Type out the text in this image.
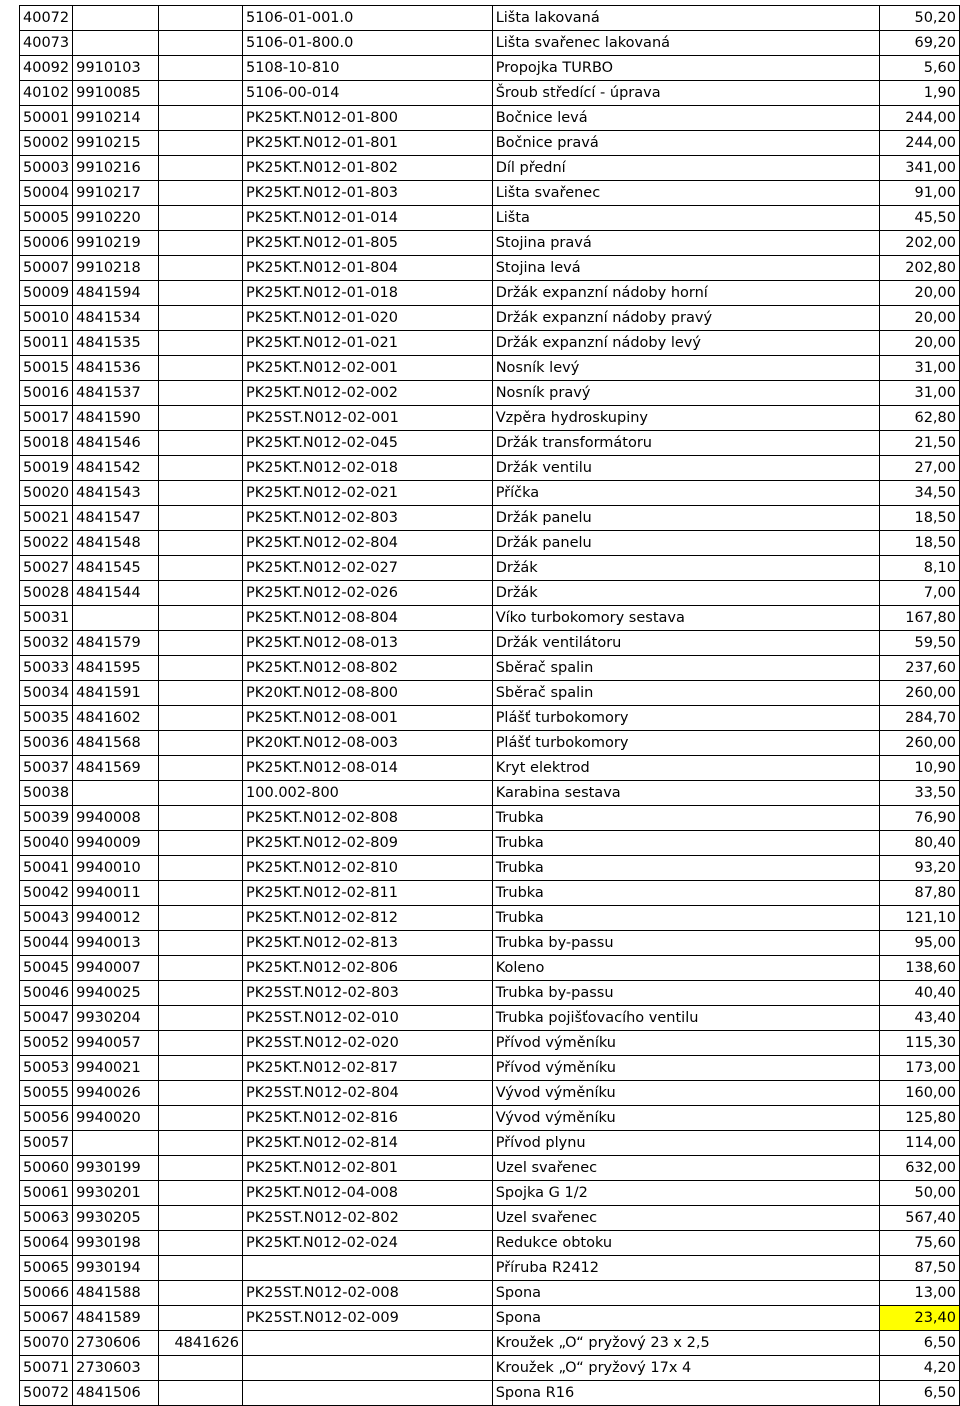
40072			5106-01-001.0	Lišta lakovaná	50,20
40073			5106-01-800.0	Lišta svařenec lakovaná	69,20
40092	9910103		5108-10-810	Propojka TURBO	5,60
40102	9910085		5106-00-014	Šroub středící - úprava	1,90
50001	9910214		PK25KT.N012-01-800	Bočnice levá	244,00
50002	9910215		PK25KT.N012-01-801	Bočnice pravá	244,00
50003	9910216		PK25KT.N012-01-802	Díl přední	341,00
50004	9910217		PK25KT.N012-01-803	Lišta svařenec	91,00
50005	9910220		PK25KT.N012-01-014	Lišta	45,50
50006	9910219		PK25KT.N012-01-805	Stojina pravá	202,00
50007	9910218		PK25KT.N012-01-804	Stojina levá	202,80
50009	4841594		PK25KT.N012-01-018	Držák expanzní nádoby horní	20,00
50010	4841534		PK25KT.N012-01-020	Držák expanzní nádoby pravý	20,00
50011	4841535		PK25KT.N012-01-021	Držák expanzní nádoby levý	20,00
50015	4841536		PK25KT.N012-02-001	Nosník levý	31,00
50016	4841537		PK25KT.N012-02-002	Nosník pravý	31,00
50017	4841590		PK25ST.N012-02-001	Vzpěra hydroskupiny	62,80
50018	4841546		PK25KT.N012-02-045	Držák transformátoru	21,50
50019	4841542		PK25KT.N012-02-018	Držák ventilu	27,00
50020	4841543		PK25KT.N012-02-021	Příčka	34,50
50021	4841547		PK25KT.N012-02-803	Držák panelu	18,50
50022	4841548		PK25KT.N012-02-804	Držák panelu	18,50
50027	4841545		PK25KT.N012-02-027	Držák	8,10
50028	4841544		PK25KT.N012-02-026	Držák	7,00
50031			PK25KT.N012-08-804	Víko turbokomory sestava	167,80
50032	4841579		PK25KT.N012-08-013	Držák ventilátoru	59,50
50033	4841595		PK25KT.N012-08-802	Sběrač spalin	237,60
50034	4841591		PK20KT.N012-08-800	Sběrač spalin	260,00
50035	4841602		PK25KT.N012-08-001	Plášť turbokomory	284,70
50036	4841568		PK20KT.N012-08-003	Plášť turbokomory	260,00
50037	4841569		PK25KT.N012-08-014	Kryt elektrod	10,90
50038			100.002-800	Karabina sestava	33,50
50039	9940008		PK25KT.N012-02-808	Trubka	76,90
50040	9940009		PK25KT.N012-02-809	Trubka	80,40
50041	9940010		PK25KT.N012-02-810	Trubka	93,20
50042	9940011		PK25KT.N012-02-811	Trubka	87,80
50043	9940012		PK25KT.N012-02-812	Trubka	121,10
50044	9940013		PK25KT.N012-02-813	Trubka by-passu	95,00
50045	9940007		PK25KT.N012-02-806	Koleno	138,60
50046	9940025		PK25ST.N012-02-803	Trubka by-passu	40,40
50047	9930204		PK25ST.N012-02-010	Trubka pojišťovacího ventilu	43,40
50052	9940057		PK25ST.N012-02-020	Přívod výměníku	115,30
50053	9940021		PK25KT.N012-02-817	Přívod výměníku	173,00
50055	9940026		PK25ST.N012-02-804	Vývod výměníku	160,00
50056	9940020		PK25KT.N012-02-816	Vývod výměníku	125,80
50057			PK25KT.N012-02-814	Přívod plynu	114,00
50060	9930199		PK25KT.N012-02-801	Uzel svařenec	632,00
50061	9930201		PK25KT.N012-04-008	Spojka G 1/2	50,00
50063	9930205		PK25ST.N012-02-802	Uzel svařenec	567,40
50064	9930198		PK25KT.N012-02-024	Redukce obtoku	75,60
50065	9930194			Příruba R2412	87,50
50066	4841588		PK25ST.N012-02-008	Spona	13,00
50067	4841589		PK25ST.N012-02-009	Spona	23,40
50070	2730606	4841626		Kroužek „O“ pryžový 23 x 2,5	6,50
50071	2730603			Kroužek „O“ pryžový 17x 4	4,20
50072	4841506			Spona R16	6,50
